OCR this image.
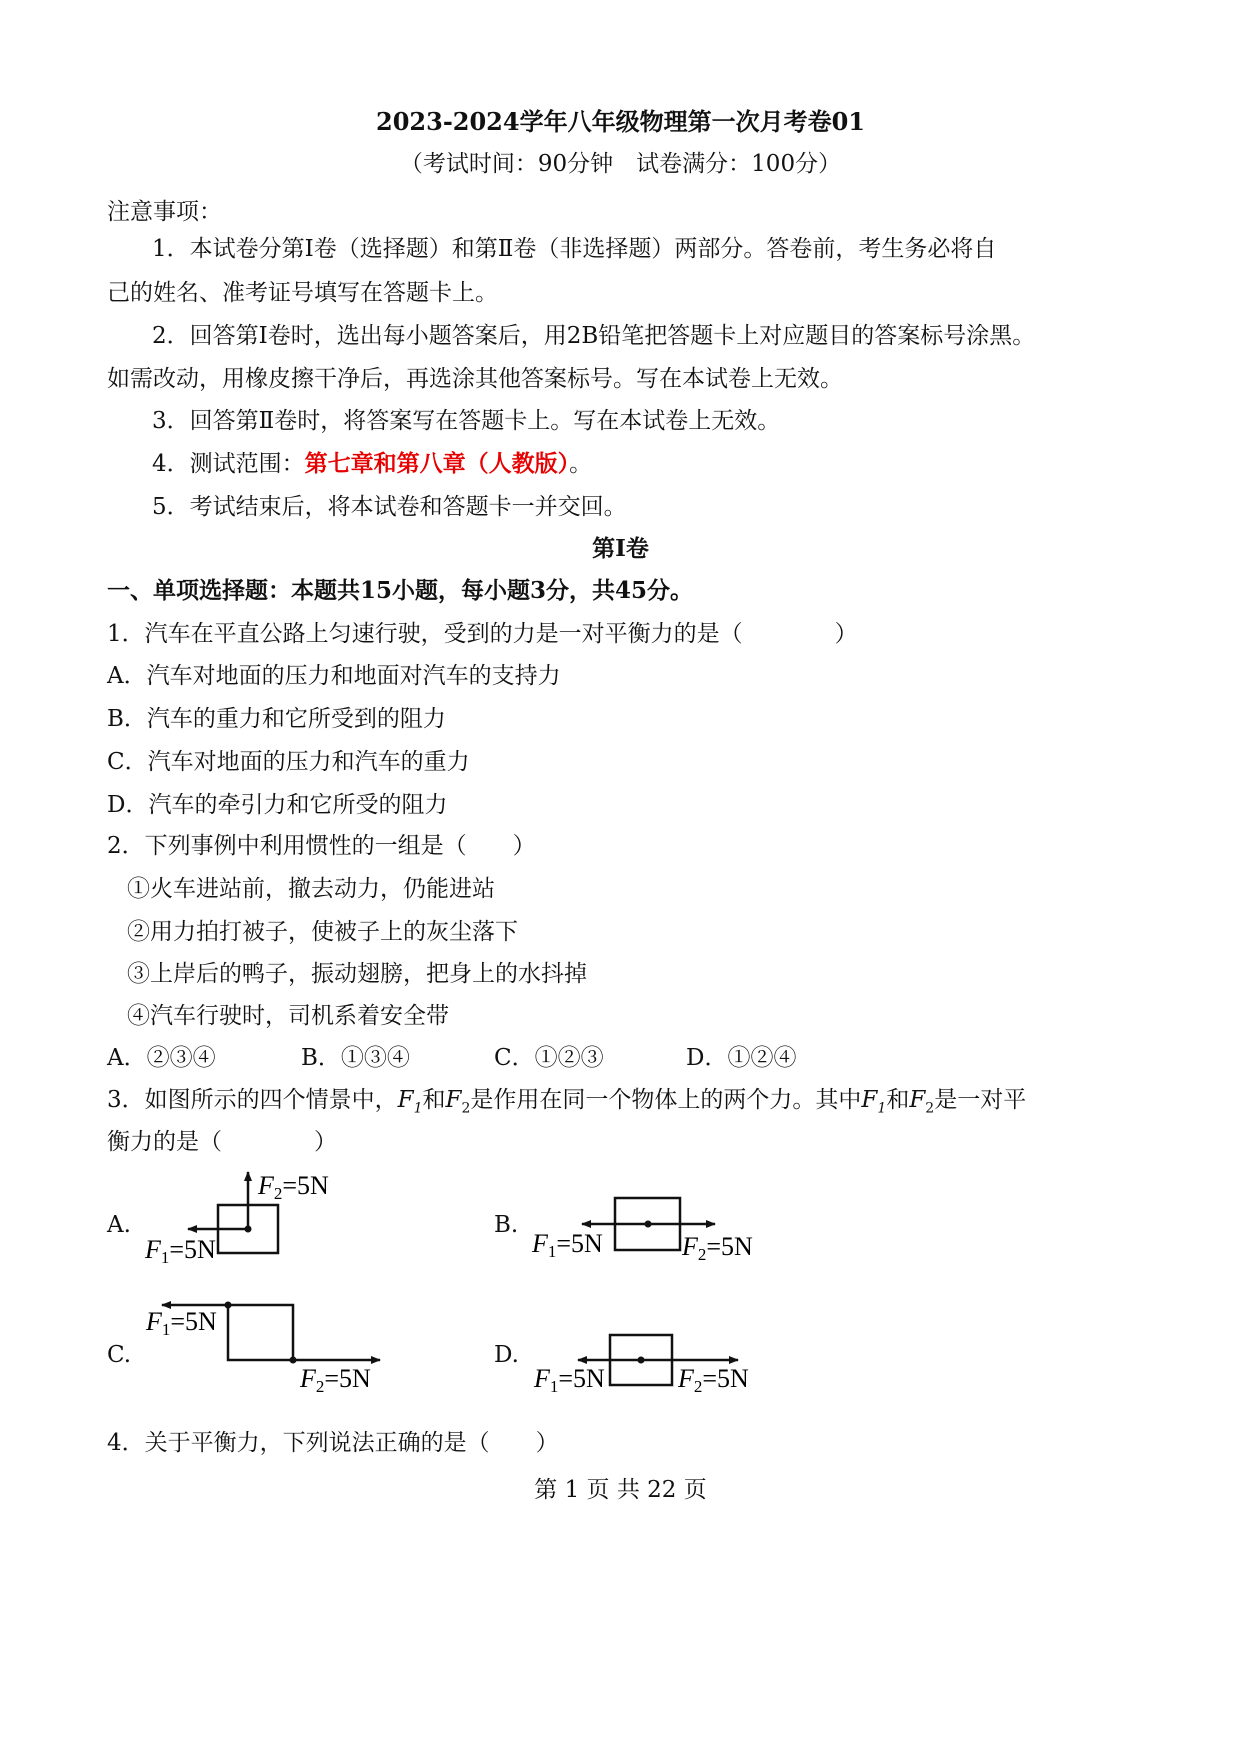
2023-2024学年八年级物理第一次月考卷01
（考试时间：90分钟　试卷满分：100分）
注意事项：
1．本试卷分第Ⅰ卷（选择题）和第Ⅱ卷（非选择题）两部分。答卷前，考生务必将自
己的姓名、准考证号填写在答题卡上。
2．回答第Ⅰ卷时，选出每小题答案后，用2B铅笔把答题卡上对应题目的答案标号涂黑。
如需改动，用橡皮擦干净后，再选涂其他答案标号。写在本试卷上无效。
3．回答第Ⅱ卷时，将答案写在答题卡上。写在本试卷上无效。
4．测试范围：第七章和第八章（人教版）。
5．考试结束后，将本试卷和答题卡一并交回。
第Ⅰ卷
一、单项选择题：本题共15小题，每小题3分，共45分。
1．汽车在平直公路上匀速行驶，受到的力是一对平衡力的是（　　　　）
A．汽车对地面的压力和地面对汽车的支持力
B．汽车的重力和它所受到的阻力
C．汽车对地面的压力和汽车的重力
D．汽车的牵引力和它所受的阻力
2．下列事例中利用惯性的一组是（　　）
①火车进站前，撤去动力，仍能进站
②用力拍打被子，使被子上的灰尘落下
③上岸后的鸭子，振动翅膀，把身上的水抖掉
④汽车行驶时，司机系着安全带
A．②③④	B．①③④	C．①②③	D．①②④
3．如图所示的四个情景中，$F_1$和$F_2$是作用在同一个物体上的两个力。其中$F_1$和$F_2$是一对平
衡力的是（　　　　）
A.	B.
C.	D.
F2=5N
F1=5N	F1=5N	F2=5N
F1=5N
F2=5N	F1=5N	F2=5N
4．关于平衡力，下列说法正确的是（　　）
第 1 页 共 22 页
